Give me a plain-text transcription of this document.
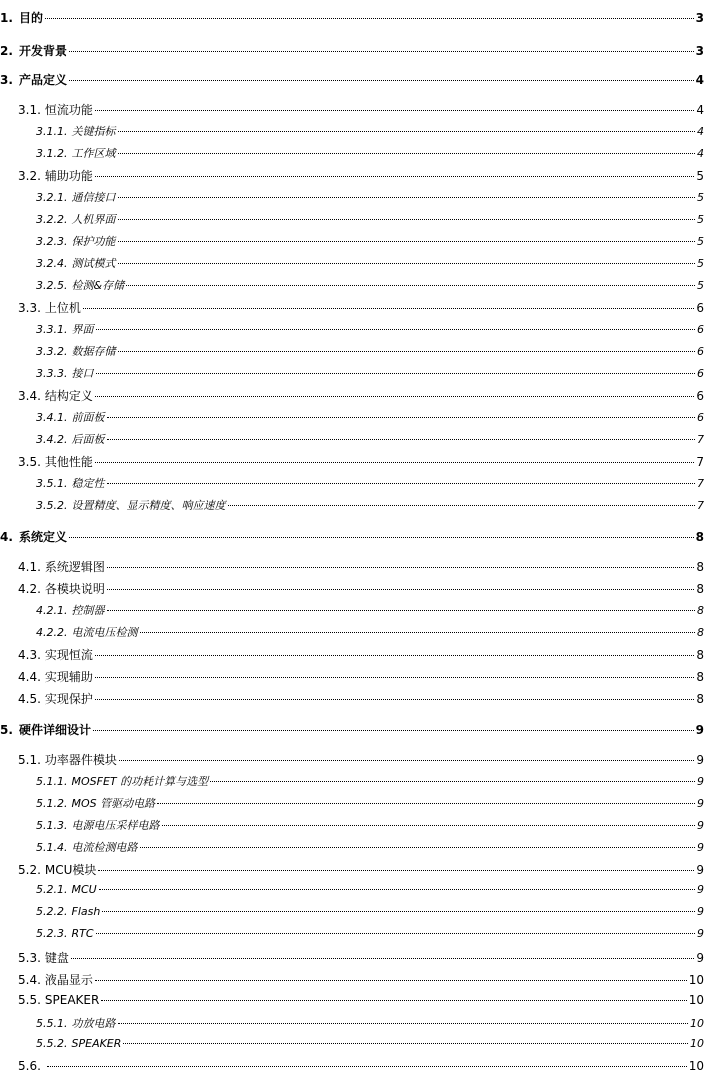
1. 目的	3
2. 开发背景	3
3. 产品定义	4
3.1. 恒流功能	4
3.1.1. 关键指标	4
3.1.2. 工作区域	4
3.2. 辅助功能	5
3.2.1. 通信接口	5
3.2.2. 人机界面	5
3.2.3. 保护功能	5
3.2.4. 测试模式	5
3.2.5. 检测&存储	5
3.3. 上位机	6
3.3.1. 界面	6
3.3.2. 数据存储	6
3.3.3. 接口	6
3.4. 结构定义	6
3.4.1. 前面板	6
3.4.2. 后面板	7
3.5. 其他性能	7
3.5.1. 稳定性	7
3.5.2. 设置精度、显示精度、响应速度	7
4. 系统定义	8
4.1. 系统逻辑图	8
4.2. 各模块说明	8
4.2.1. 控制器	8
4.2.2. 电流电压检测	8
4.3. 实现恒流	8
4.4. 实现辅助	8
4.5. 实现保护	8
5. 硬件详细设计	9
5.1. 功率器件模块	9
5.1.1. MOSFET 的功耗计算与选型	9
5.1.2. MOS 管驱动电路	9
5.1.3. 电源电压采样电路	9
5.1.4. 电流检测电路	9
5.2. MCU模块	9
5.2.1. MCU	9
5.2.2. Flash	9
5.2.3. RTC	9
5.3. 键盘	9
5.4. 液晶显示	10
5.5. SPEAKER	10
5.5.1. 功放电路	10
5.5.2. SPEAKER	10
5.6.	10
